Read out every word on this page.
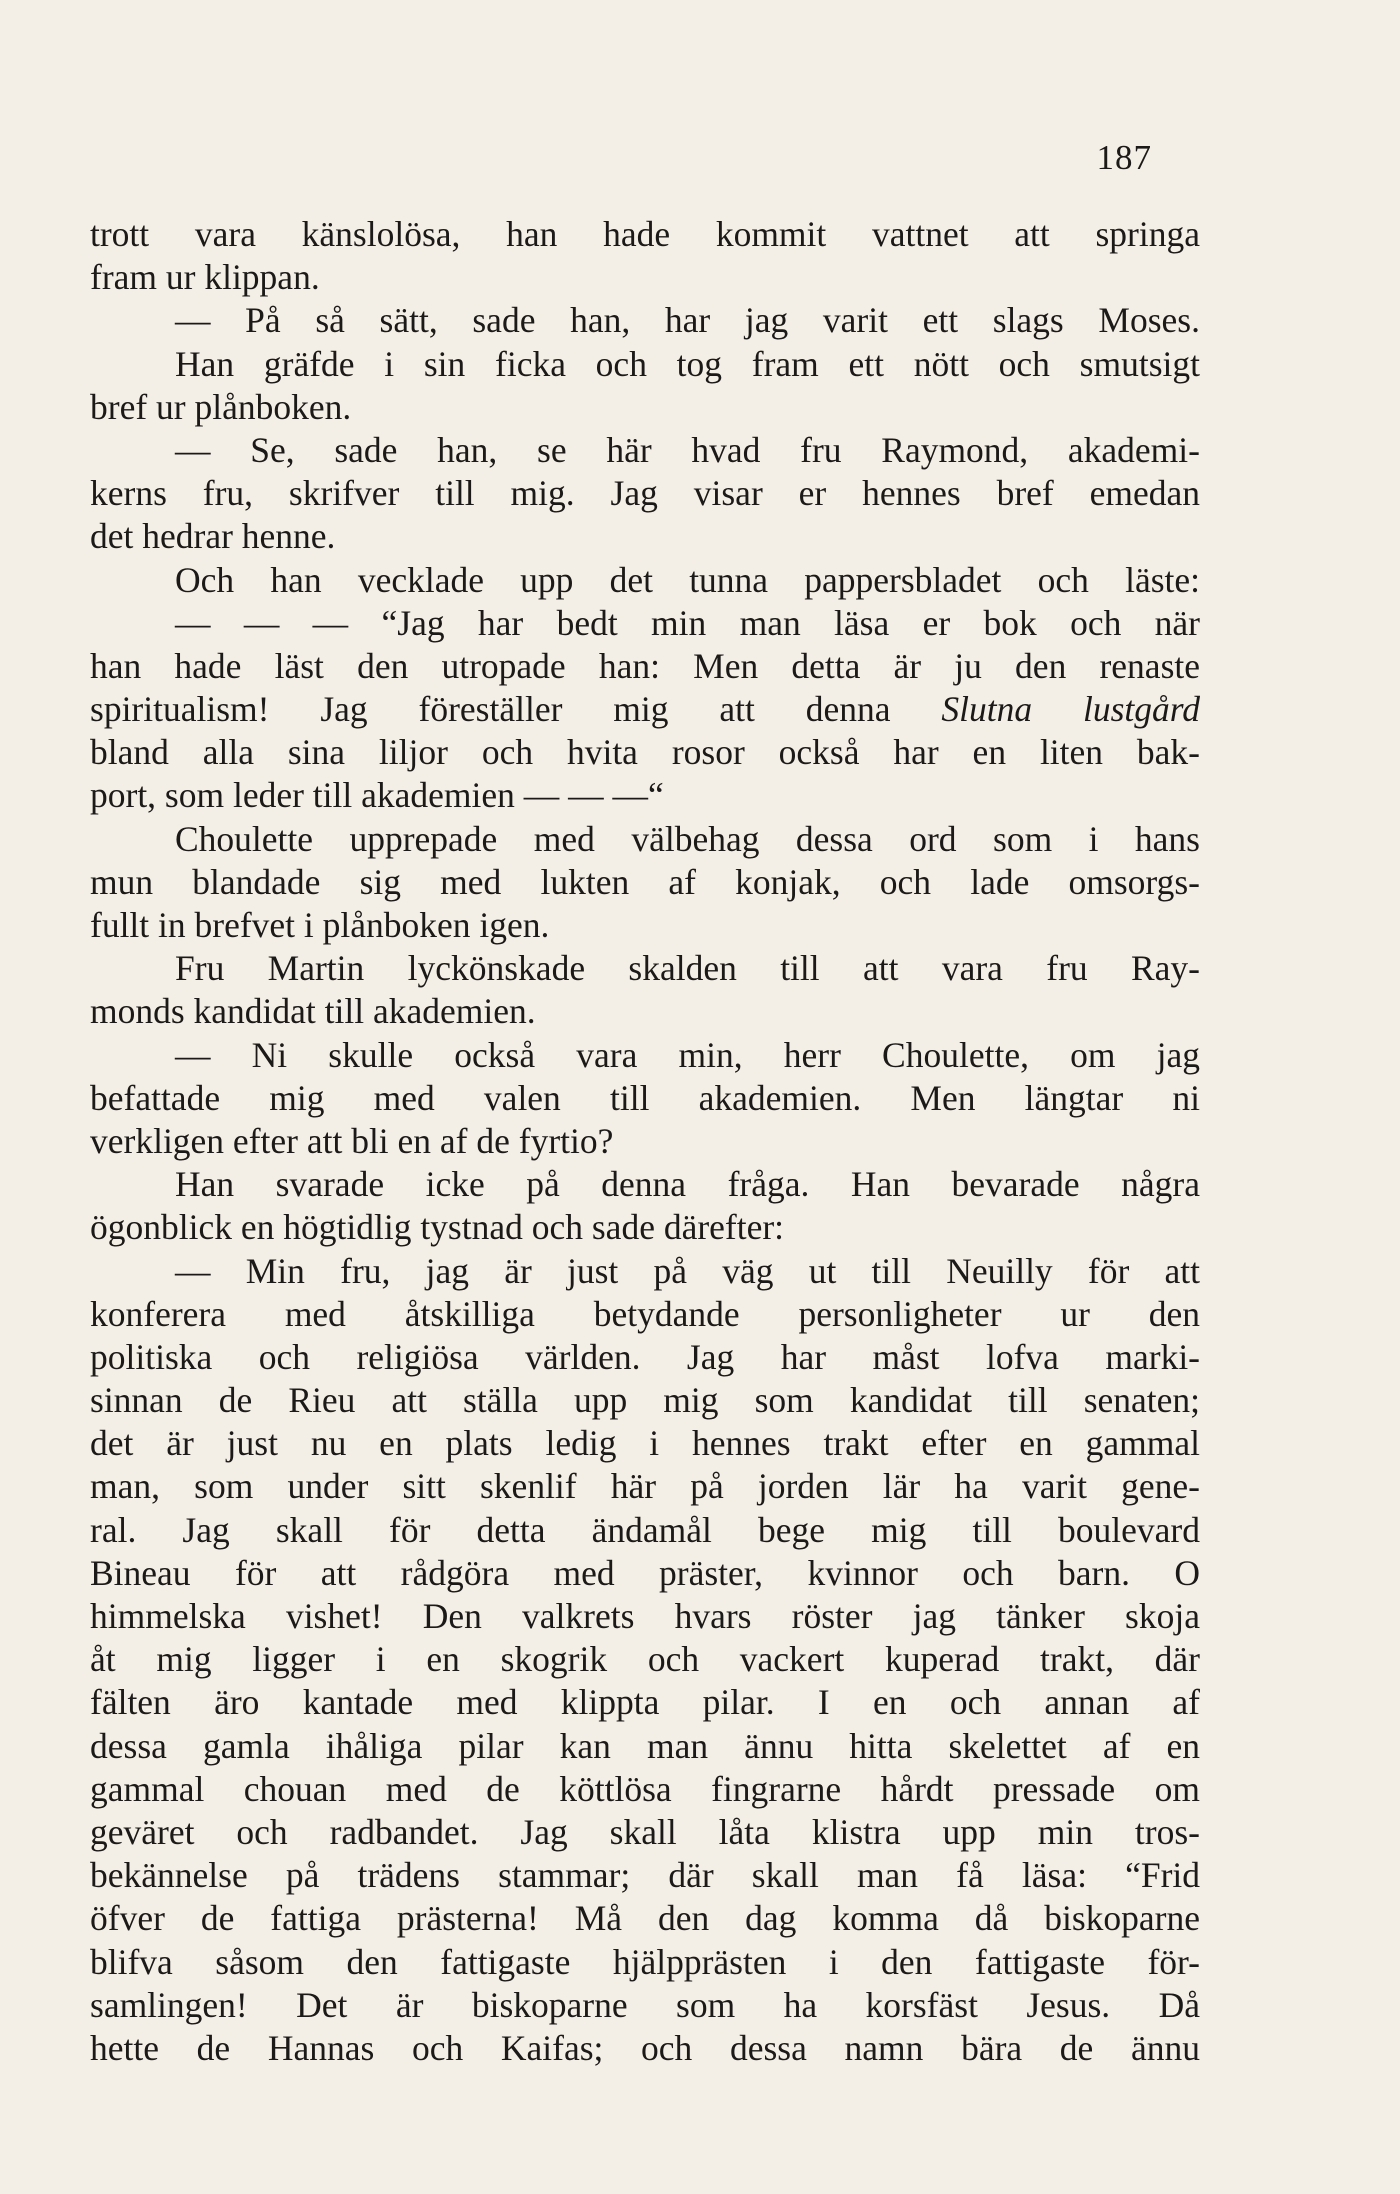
187
trott vara känslolösa, han hade kommit vattnet att springa
fram ur klippan.
— På så sätt, sade han, har jag varit ett slags Moses.
Han gräfde i sin ficka och tog fram ett nött och smutsigt
bref ur plånboken.
— Se, sade han, se här hvad fru Raymond, akademi-
kerns fru, skrifver till mig. Jag visar er hennes bref emedan
det hedrar henne.
Och han vecklade upp det tunna pappersbladet och läste:
— — — “Jag har bedt min man läsa er bok och när
han hade läst den utropade han: Men detta är ju den renaste
spiritualism! Jag föreställer mig att denna Slutna lustgård
bland alla sina liljor och hvita rosor också har en liten bak-
port, som leder till akademien — — —“
Choulette upprepade med välbehag dessa ord som i hans
mun blandade sig med lukten af konjak, och lade omsorgs-
fullt in brefvet i plånboken igen.
Fru Martin lyckönskade skalden till att vara fru Ray-
monds kandidat till akademien.
— Ni skulle också vara min, herr Choulette, om jag
befattade mig med valen till akademien. Men längtar ni
verkligen efter att bli en af de fyrtio?
Han svarade icke på denna fråga. Han bevarade några
ögonblick en högtidlig tystnad och sade därefter:
— Min fru, jag är just på väg ut till Neuilly för att
konferera med åtskilliga betydande personligheter ur den
politiska och religiösa världen. Jag har måst lofva marki-
sinnan de Rieu att ställa upp mig som kandidat till senaten;
det är just nu en plats ledig i hennes trakt efter en gammal
man, som under sitt skenlif här på jorden lär ha varit gene-
ral. Jag skall för detta ändamål bege mig till boulevard
Bineau för att rådgöra med präster, kvinnor och barn. O
himmelska vishet! Den valkrets hvars röster jag tänker skoja
åt mig ligger i en skogrik och vackert kuperad trakt, där
fälten äro kantade med klippta pilar. I en och annan af
dessa gamla ihåliga pilar kan man ännu hitta skelettet af en
gammal chouan med de köttlösa fingrarne hårdt pressade om
geväret och radbandet. Jag skall låta klistra upp min tros-
bekännelse på trädens stammar; där skall man få läsa: “Frid
öfver de fattiga prästerna! Må den dag komma då biskoparne
blifva såsom den fattigaste hjälpprästen i den fattigaste för-
samlingen! Det är biskoparne som ha korsfäst Jesus. Då
hette de Hannas och Kaifas; och dessa namn bära de ännu
